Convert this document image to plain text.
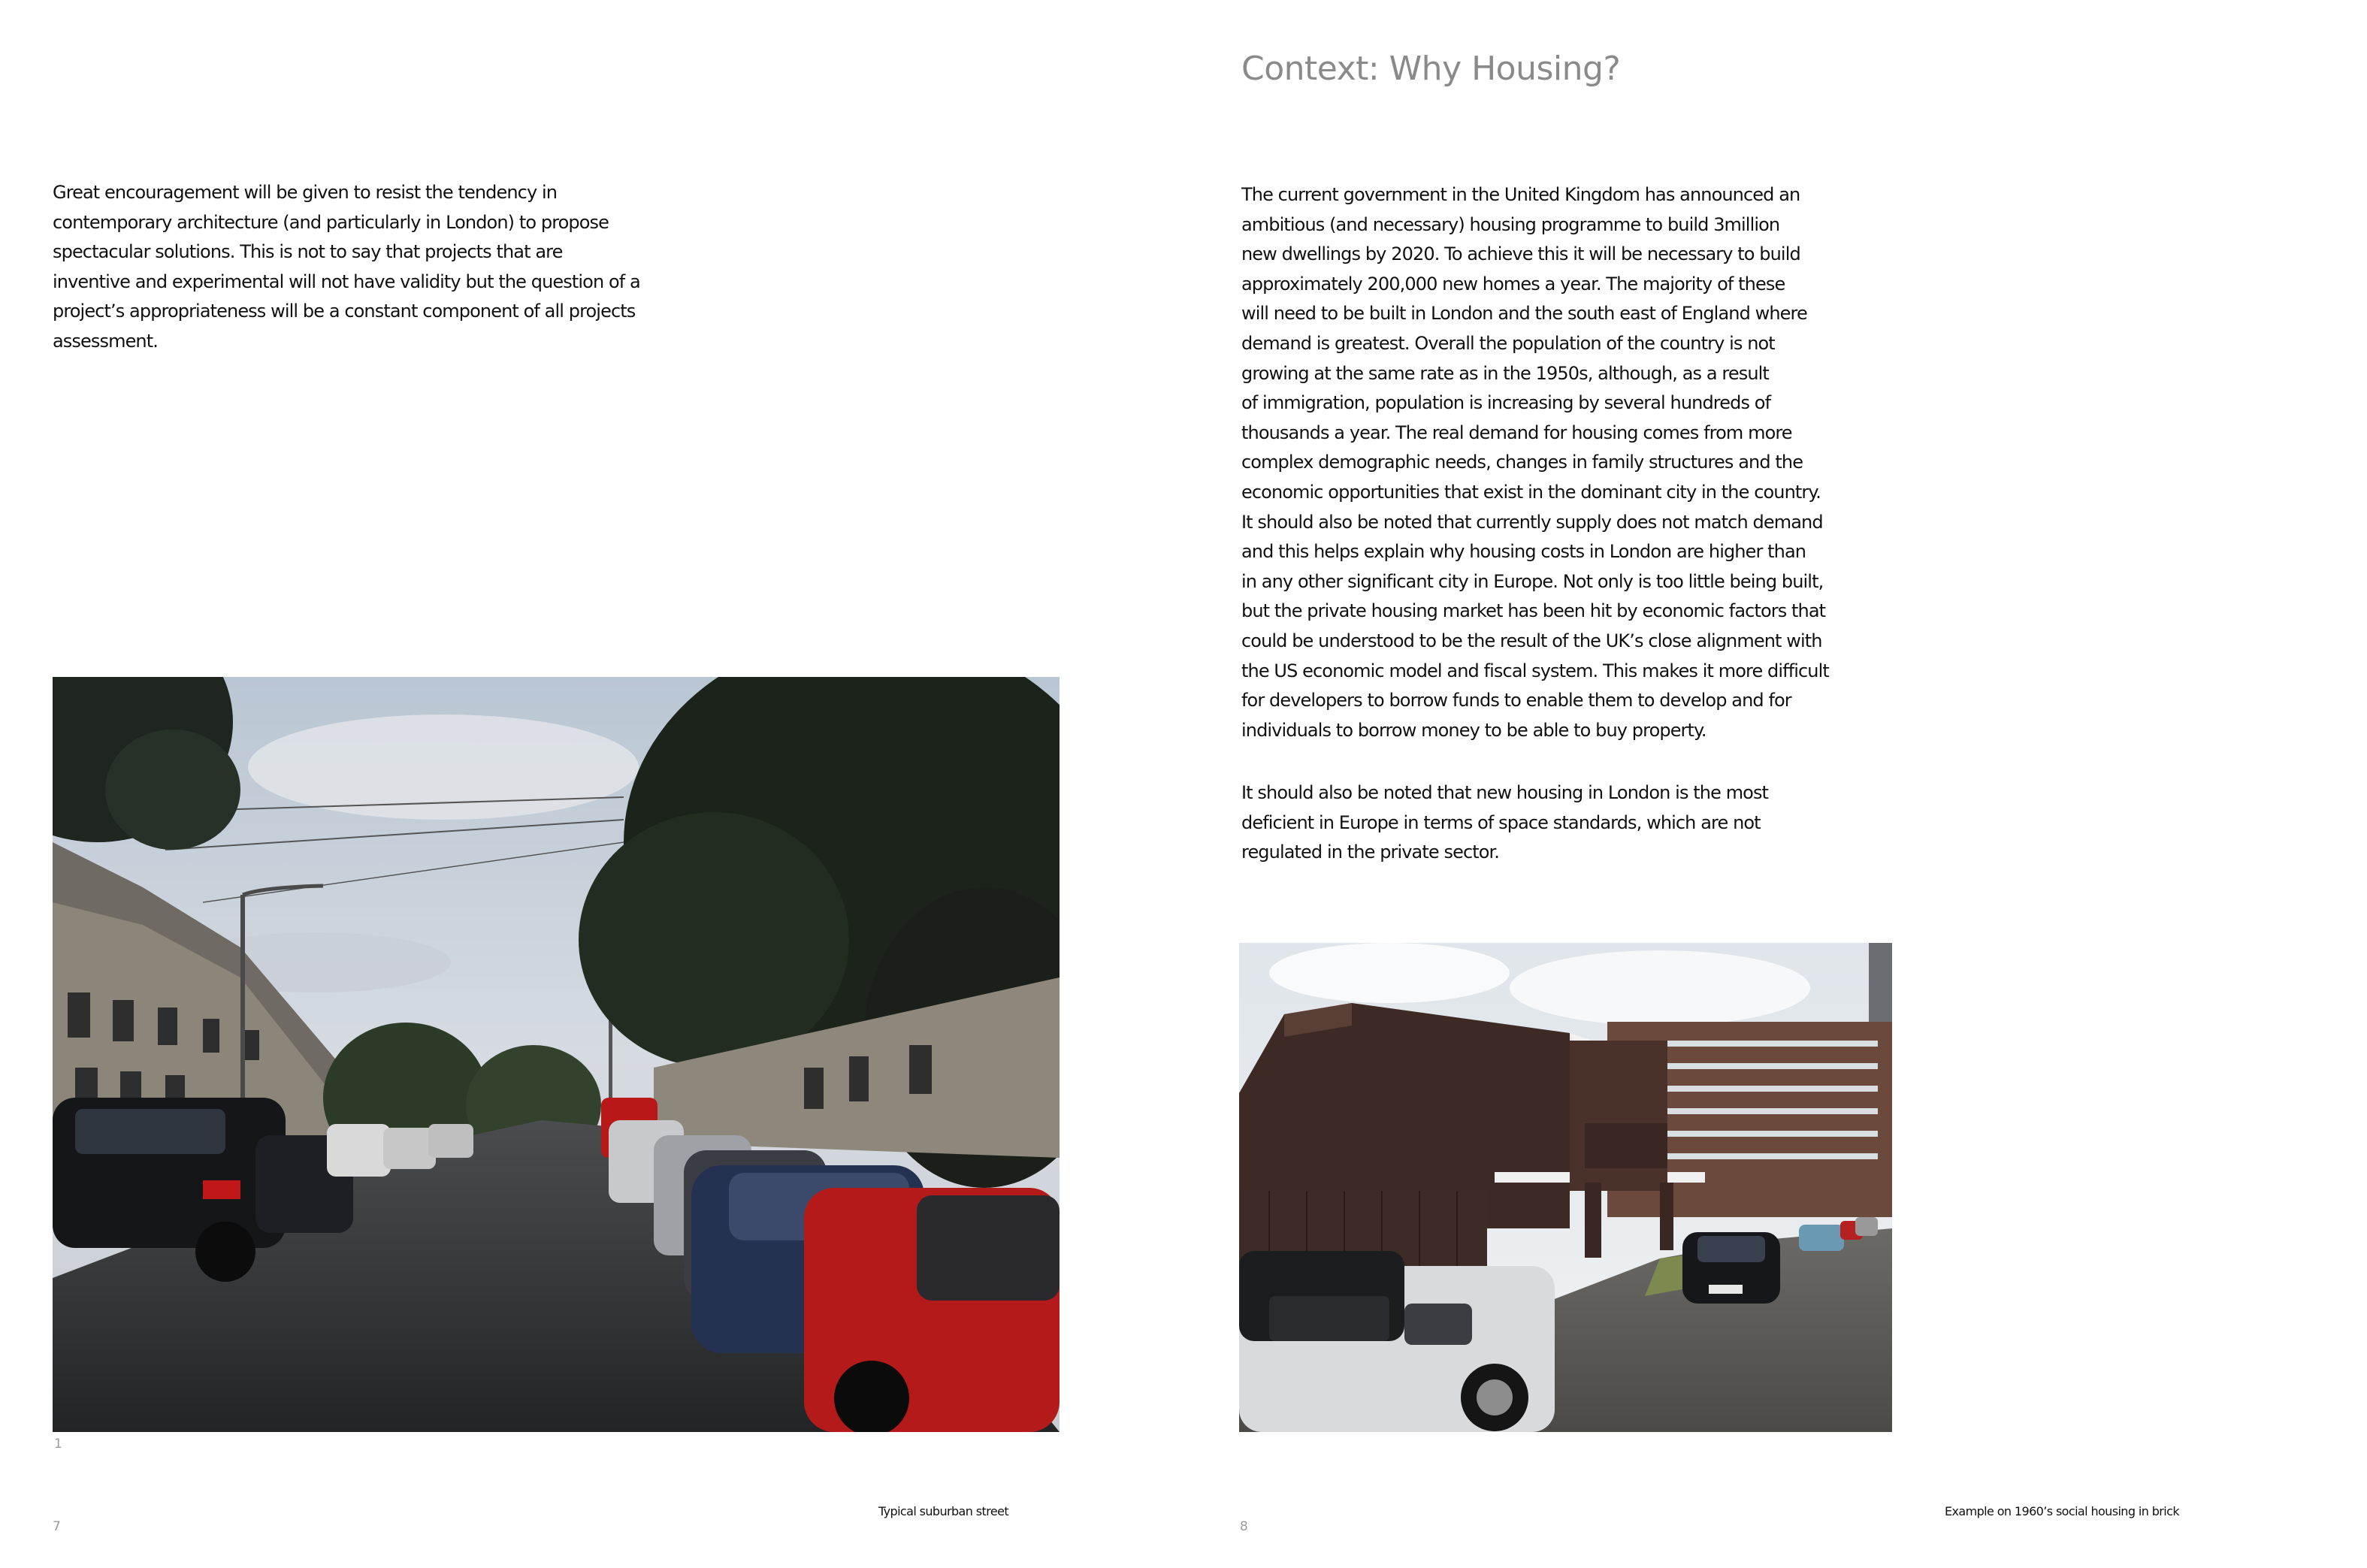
Great encouragement will be given to resist the tendency in
contemporary architecture (and particularly in London) to propose
spectacular solutions. This is not to say that projects that are
inventive and experimental will not have validity but the question of a
project’s appropriateness will be a constant component of all projects
assessment.

1
Typical suburban street
7
Context: Why Housing?

The current government in the United Kingdom has announced an
ambitious (and necessary) housing programme to build 3million
new dwellings by 2020. To achieve this it will be necessary to build
approximately 200,000 new homes a year. The majority of these
will need to be built in London and the south east of England where
demand is greatest. Overall the population of the country is not
growing at the same rate as in the 1950s, although, as a result
of immigration, population is increasing by several hundreds of
thousands a year. The real demand for housing comes from more
complex demographic needs, changes in family structures and the
economic opportunities that exist in the dominant city in the country.
It should also be noted that currently supply does not match demand
and this helps explain why housing costs in London are higher than
in any other significant city in Europe. Not only is too little being built,
but the private housing market has been hit by economic factors that
could be understood to be the result of the UK’s close alignment with
the US economic model and fiscal system. This makes it more difficult
for developers to borrow funds to enable them to develop and for
individuals to borrow money to be able to buy property.

It should also be noted that new housing in London is the most
deficient in Europe in terms of space standards, which are not
regulated in the private sector.

Example on 1960’s social housing in brick
8
